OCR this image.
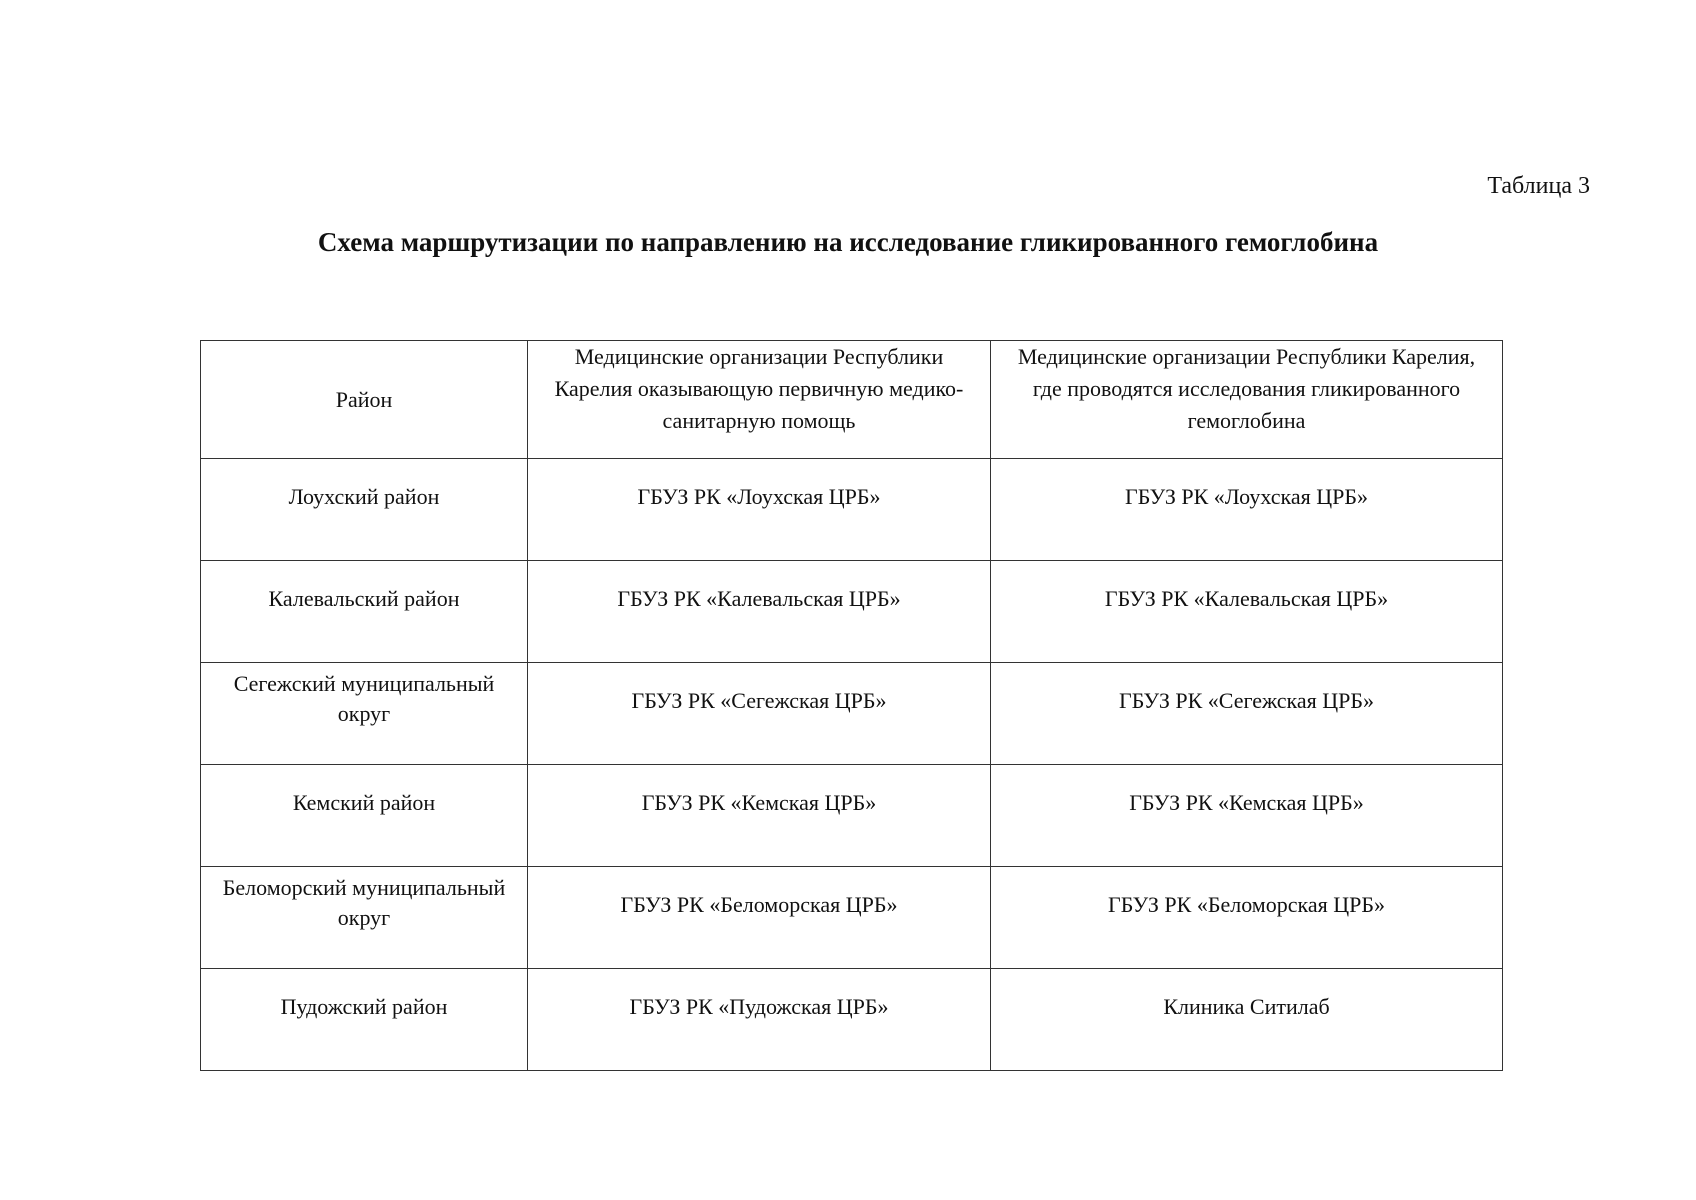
Таблица 3
Схема маршрутизации по направлению на исследование гликированного гемоглобина
Район	Медицинские организации Республики Карелия оказывающую первичную медико-санитарную помощь	Медицинские организации Республики Карелия, где проводятся исследования гликированного гемоглобина
Лоухский район	ГБУЗ РК «Лоухская ЦРБ»	ГБУЗ РК «Лоухская ЦРБ»
Калевальский район	ГБУЗ РК «Калевальская ЦРБ»	ГБУЗ РК «Калевальская ЦРБ»
Сегежский муниципальный округ	ГБУЗ РК «Сегежская ЦРБ»	ГБУЗ РК «Сегежская ЦРБ»
Кемский район	ГБУЗ РК «Кемская ЦРБ»	ГБУЗ РК «Кемская ЦРБ»
Беломорский муниципальный округ	ГБУЗ РК «Беломорская ЦРБ»	ГБУЗ РК «Беломорская ЦРБ»
Пудожский район	ГБУЗ РК «Пудожская ЦРБ»	Клиника Ситилаб
